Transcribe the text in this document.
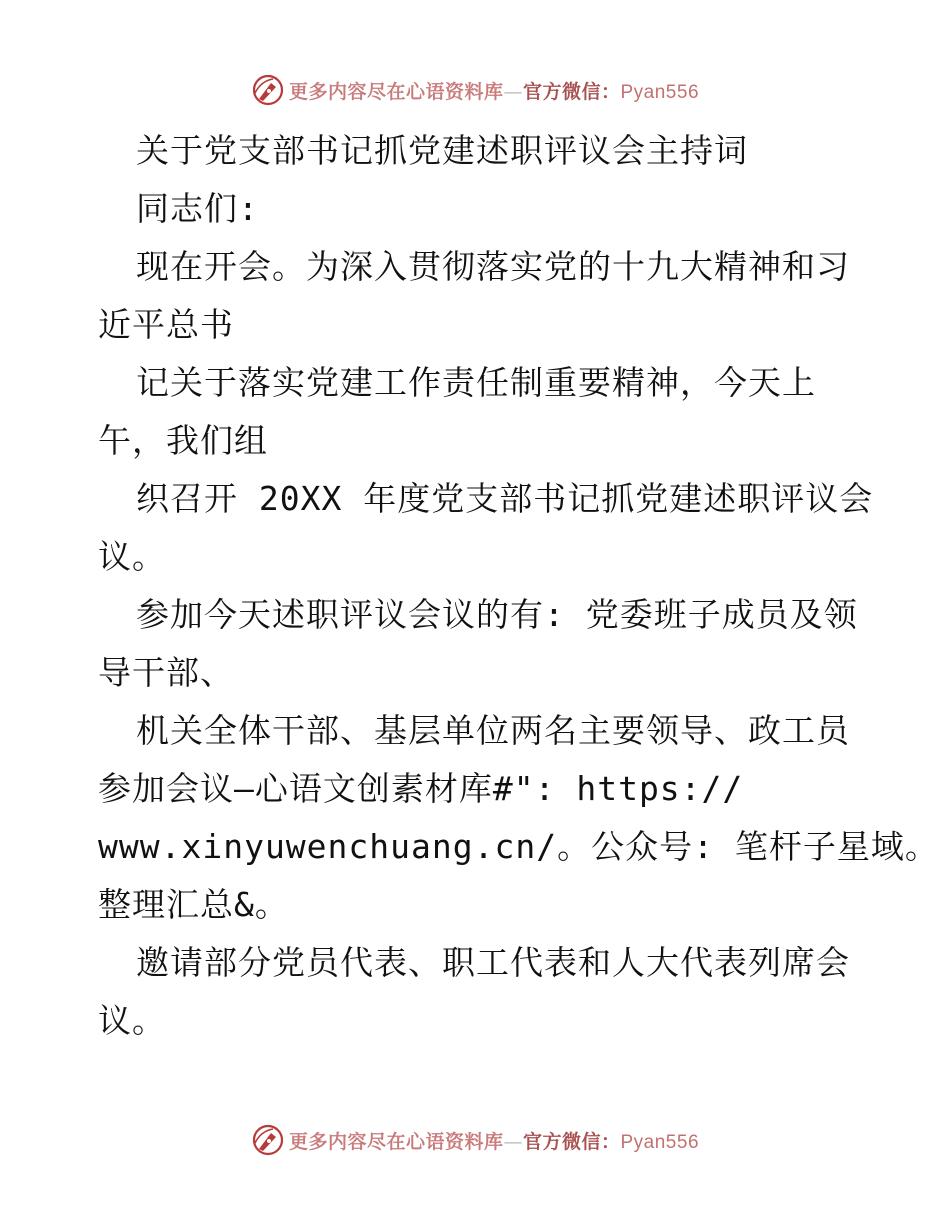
更多内容尽在心语资料库—官方微信：Pyan556
关于党支部书记抓党建述职评议会主持词
同志们:
现在开会。为深入贯彻落实党的十九大精神和习
近平总书
记关于落实党建工作责任制重要精神，今天上
午，我们组
织召开 20XX 年度党支部书记抓党建述职评议会
议。
参加今天述职评议会议的有: 党委班子成员及领
导干部、
机关全体干部、基层单位两名主要领导、政工员
参加会议—心语文创素材库#": https://
www.xinyuwenchuang.cn/。公众号: 笔杆子星域。
整理汇总&。
邀请部分党员代表、职工代表和人大代表列席会
议。
更多内容尽在心语资料库—官方微信：Pyan556
